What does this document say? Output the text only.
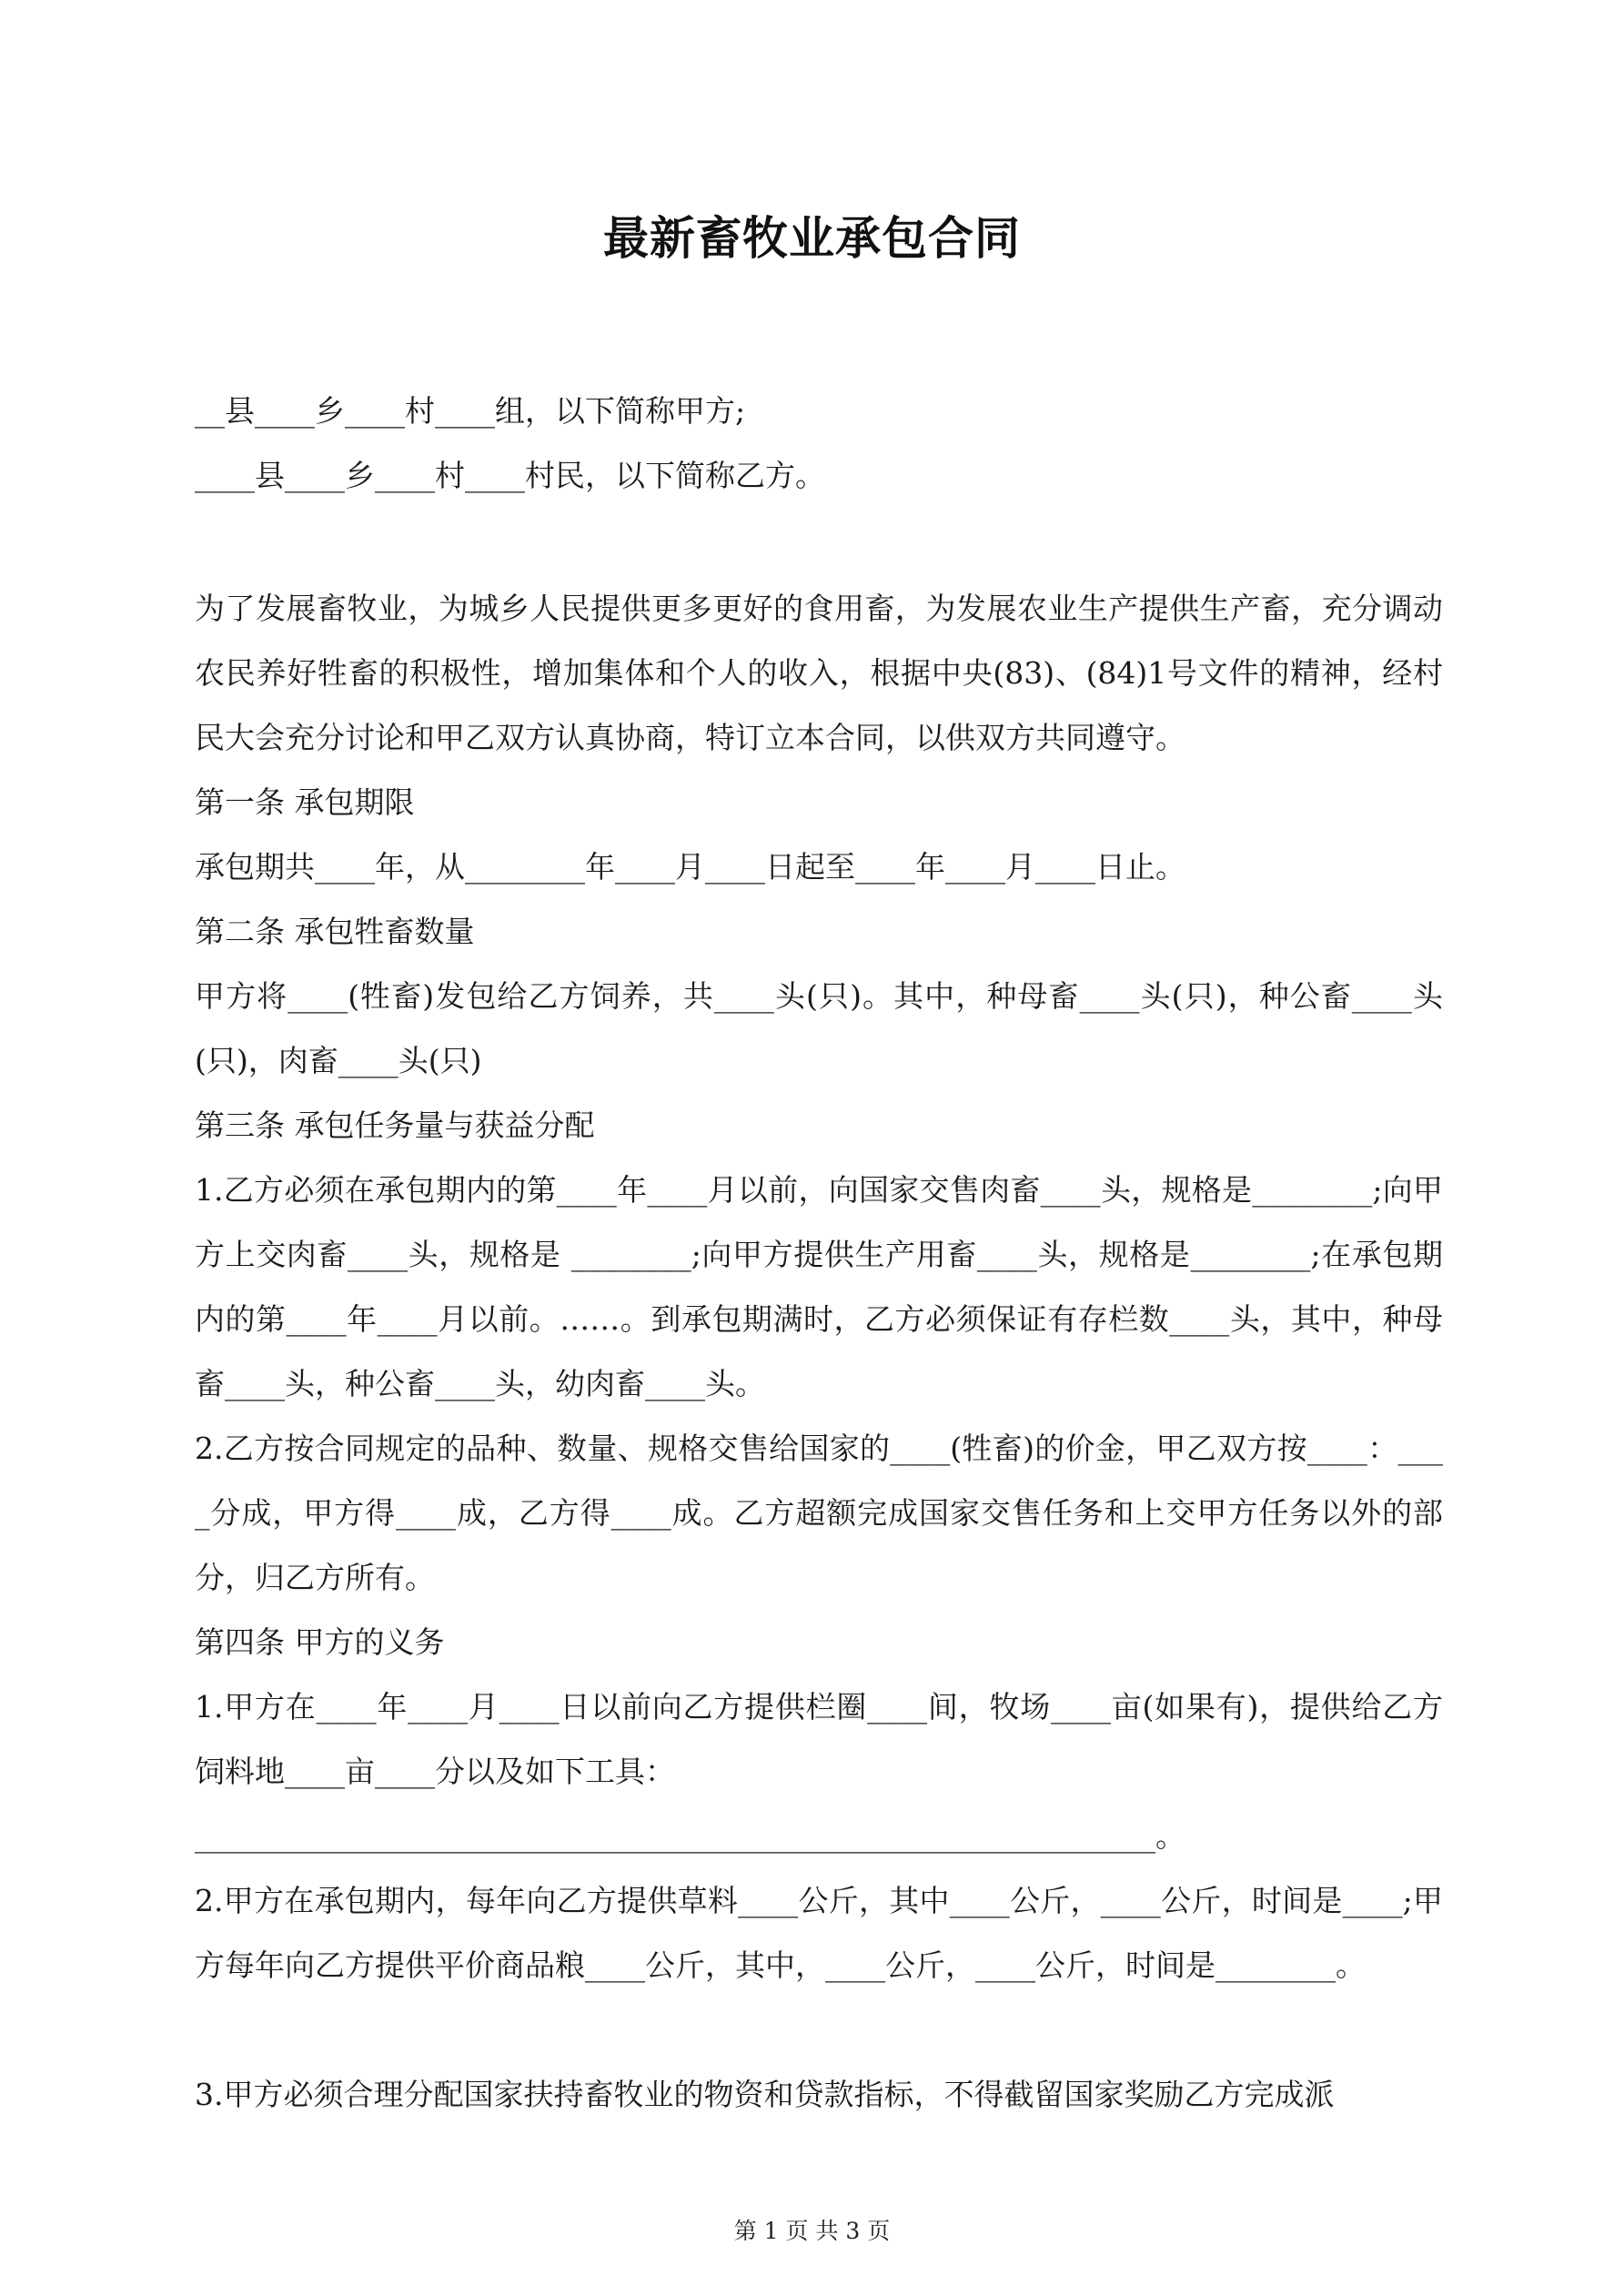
最新畜牧业承包合同
__县____乡____村____组，以下简称甲方;
____县____乡____村____村民，以下简称乙方。
为了发展畜牧业，为城乡人民提供更多更好的食用畜，为发展农业生产提供生产畜，充分调动农民养好牲畜的积极性，增加集体和个人的收入，根据中央(83)、(84)1号文件的精神，经村民大会充分讨论和甲乙双方认真协商，特订立本合同，以供双方共同遵守。
第一条 承包期限
承包期共____年，从________年____月____日起至____年____月____日止。
第二条 承包牲畜数量
甲方将____(牲畜)发包给乙方饲养，共____头(只)。其中，种母畜____头(只)，种公畜____头(只)，肉畜____头(只)
第三条 承包任务量与获益分配
1.乙方必须在承包期内的第____年____月以前，向国家交售肉畜____头，规格是________;向甲方上交肉畜____头，规格是 ________;向甲方提供生产用畜____头，规格是________;在承包期内的第____年____月以前。……。到承包期满时，乙方必须保证有存栏数____头，其中，种母畜____头，种公畜____头，幼肉畜____头。
2.乙方按合同规定的品种、数量、规格交售给国家的____(牲畜)的价金，甲乙双方按____：____分成，甲方得____成，乙方得____成。乙方超额完成国家交售任务和上交甲方任务以外的部分，归乙方所有。
第四条 甲方的义务
1.甲方在____年____月____日以前向乙方提供栏圈____间，牧场____亩(如果有)，提供给乙方饲料地____亩____分以及如下工具：
________________________________________________________________。
2.甲方在承包期内，每年向乙方提供草料____公斤，其中____公斤，____公斤，时间是____;甲方每年向乙方提供平价商品粮____公斤，其中，____公斤，____公斤，时间是________。
3.甲方必须合理分配国家扶持畜牧业的物资和贷款指标，不得截留国家奖励乙方完成派
第 1 页 共 3 页
